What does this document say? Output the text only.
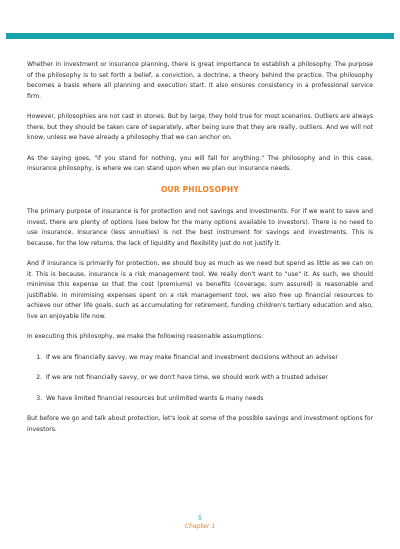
Whether in investment or insurance planning, there is great importance to establish a philosophy. The purpose of the philosophy is to set forth a belief, a conviction, a doctrine, a theory behind the practice. The philosophy becomes a basis where all planning and execution start. It also ensures consistency in a professional service firm.

However, philosophies are not cast in stones. But by large, they hold true for most scenarios. Outliers are always there, but they should be taken care of separately, after being sure that they are really, outliers. And we will not know, unless we have already a philosophy that we can anchor on.

As the saying goes, "if you stand for nothing, you will fall for anything." The philosophy and in this case, insurance philosophy, is where we can stand upon when we plan our insurance needs.

OUR PHILOSOPHY

The primary purpose of insurance is for protection and not savings and investments. For if we want to save and invest, there are plenty of options (see below for the many options available to investors). There is no need to use insurance. Insurance (less annuities) is not the best instrument for savings and investments. This is because, for the low returns, the lack of liquidity and flexibility just do not justify it.

And if insurance is primarily for protection, we should buy as much as we need but spend as little as we can on it. This is because, insurance is a risk management tool. We really don't want to "use" it. As such, we should minimise this expense so that the cost (premiums) vs benefits (coverage, sum assured) is reasonable and justifiable. In minimising expenses spent on a risk management tool, we also free up financial resources to achieve our other life goals, such as accumulating for retirement, funding children's tertiary education and also, live an enjoyable life now.

In executing this philosophy, we make the following reasonable assumptions:

1. If we are financially savvy, we may make financial and investment decisions without an adviser
2. If we are not financially savvy, or we don't have time, we should work with a trusted adviser
3. We have limited financial resources but unlimited wants & many needs

But before we go and talk about protection, let's look at some of the possible savings and investment options for investors.

5
Chapter 1
